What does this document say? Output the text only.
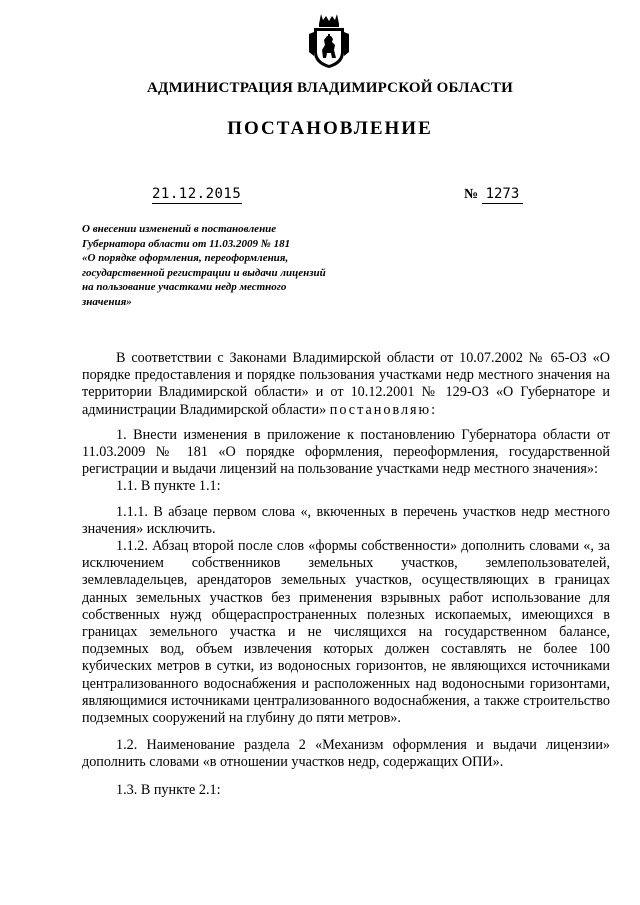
АДМИНИСТРАЦИЯ ВЛАДИМИРСКОЙ ОБЛАСТИ
ПОСТАНОВЛЕНИЕ
21.12.2015	№ 1273
О внесении изменений в постановление
Губернатора области от 11.03.2009 № 181
«О порядке оформления, переоформления,
государственной регистрации и выдачи лицензий
на пользование участками недр местного
значения»

В соответствии с Законами Владимирской области от 10.07.2002 № 65-ОЗ «О порядке предоставления и порядке пользования участками недр местного значения на территории Владимирской области» и от 10.12.2001 № 129-ОЗ «О Губернаторе и администрации Владимирской области» постановляю:

1. Внести изменения в приложение к постановлению Губернатора области от 11.03.2009 № 181 «О порядке оформления, переоформления, государственной регистрации и выдачи лицензий на пользование участками недр местного значения»:

1.1. В пункте 1.1:

1.1.1. В абзаце первом слова «, вкюченных в перечень участков недр местного значения» исключить.

1.1.2. Абзац второй после слов «формы собственности» дополнить словами «, за исключением собственников земельных участков, землепользователей, землевладельцев, арендаторов земельных участков, осуществляющих в границах данных земельных участков без применения взрывных работ использование для собственных нужд общераспространенных полезных ископаемых, имеющихся в границах земельного участка и не числящихся на государственном балансе, подземных вод, объем извлечения которых должен составлять не более 100 кубических метров в сутки, из водоносных горизонтов, не являющихся источниками централизованного водоснабжения и расположенных над водоносными горизонтами, являющимися источниками централизованного водоснабжения, а также строительство подземных сооружений на глубину до пяти метров».

1.2. Наименование раздела 2 «Механизм оформления и выдачи лицензии» дополнить словами «в отношении участков недр, содержащих ОПИ».

1.3. В пункте 2.1:
